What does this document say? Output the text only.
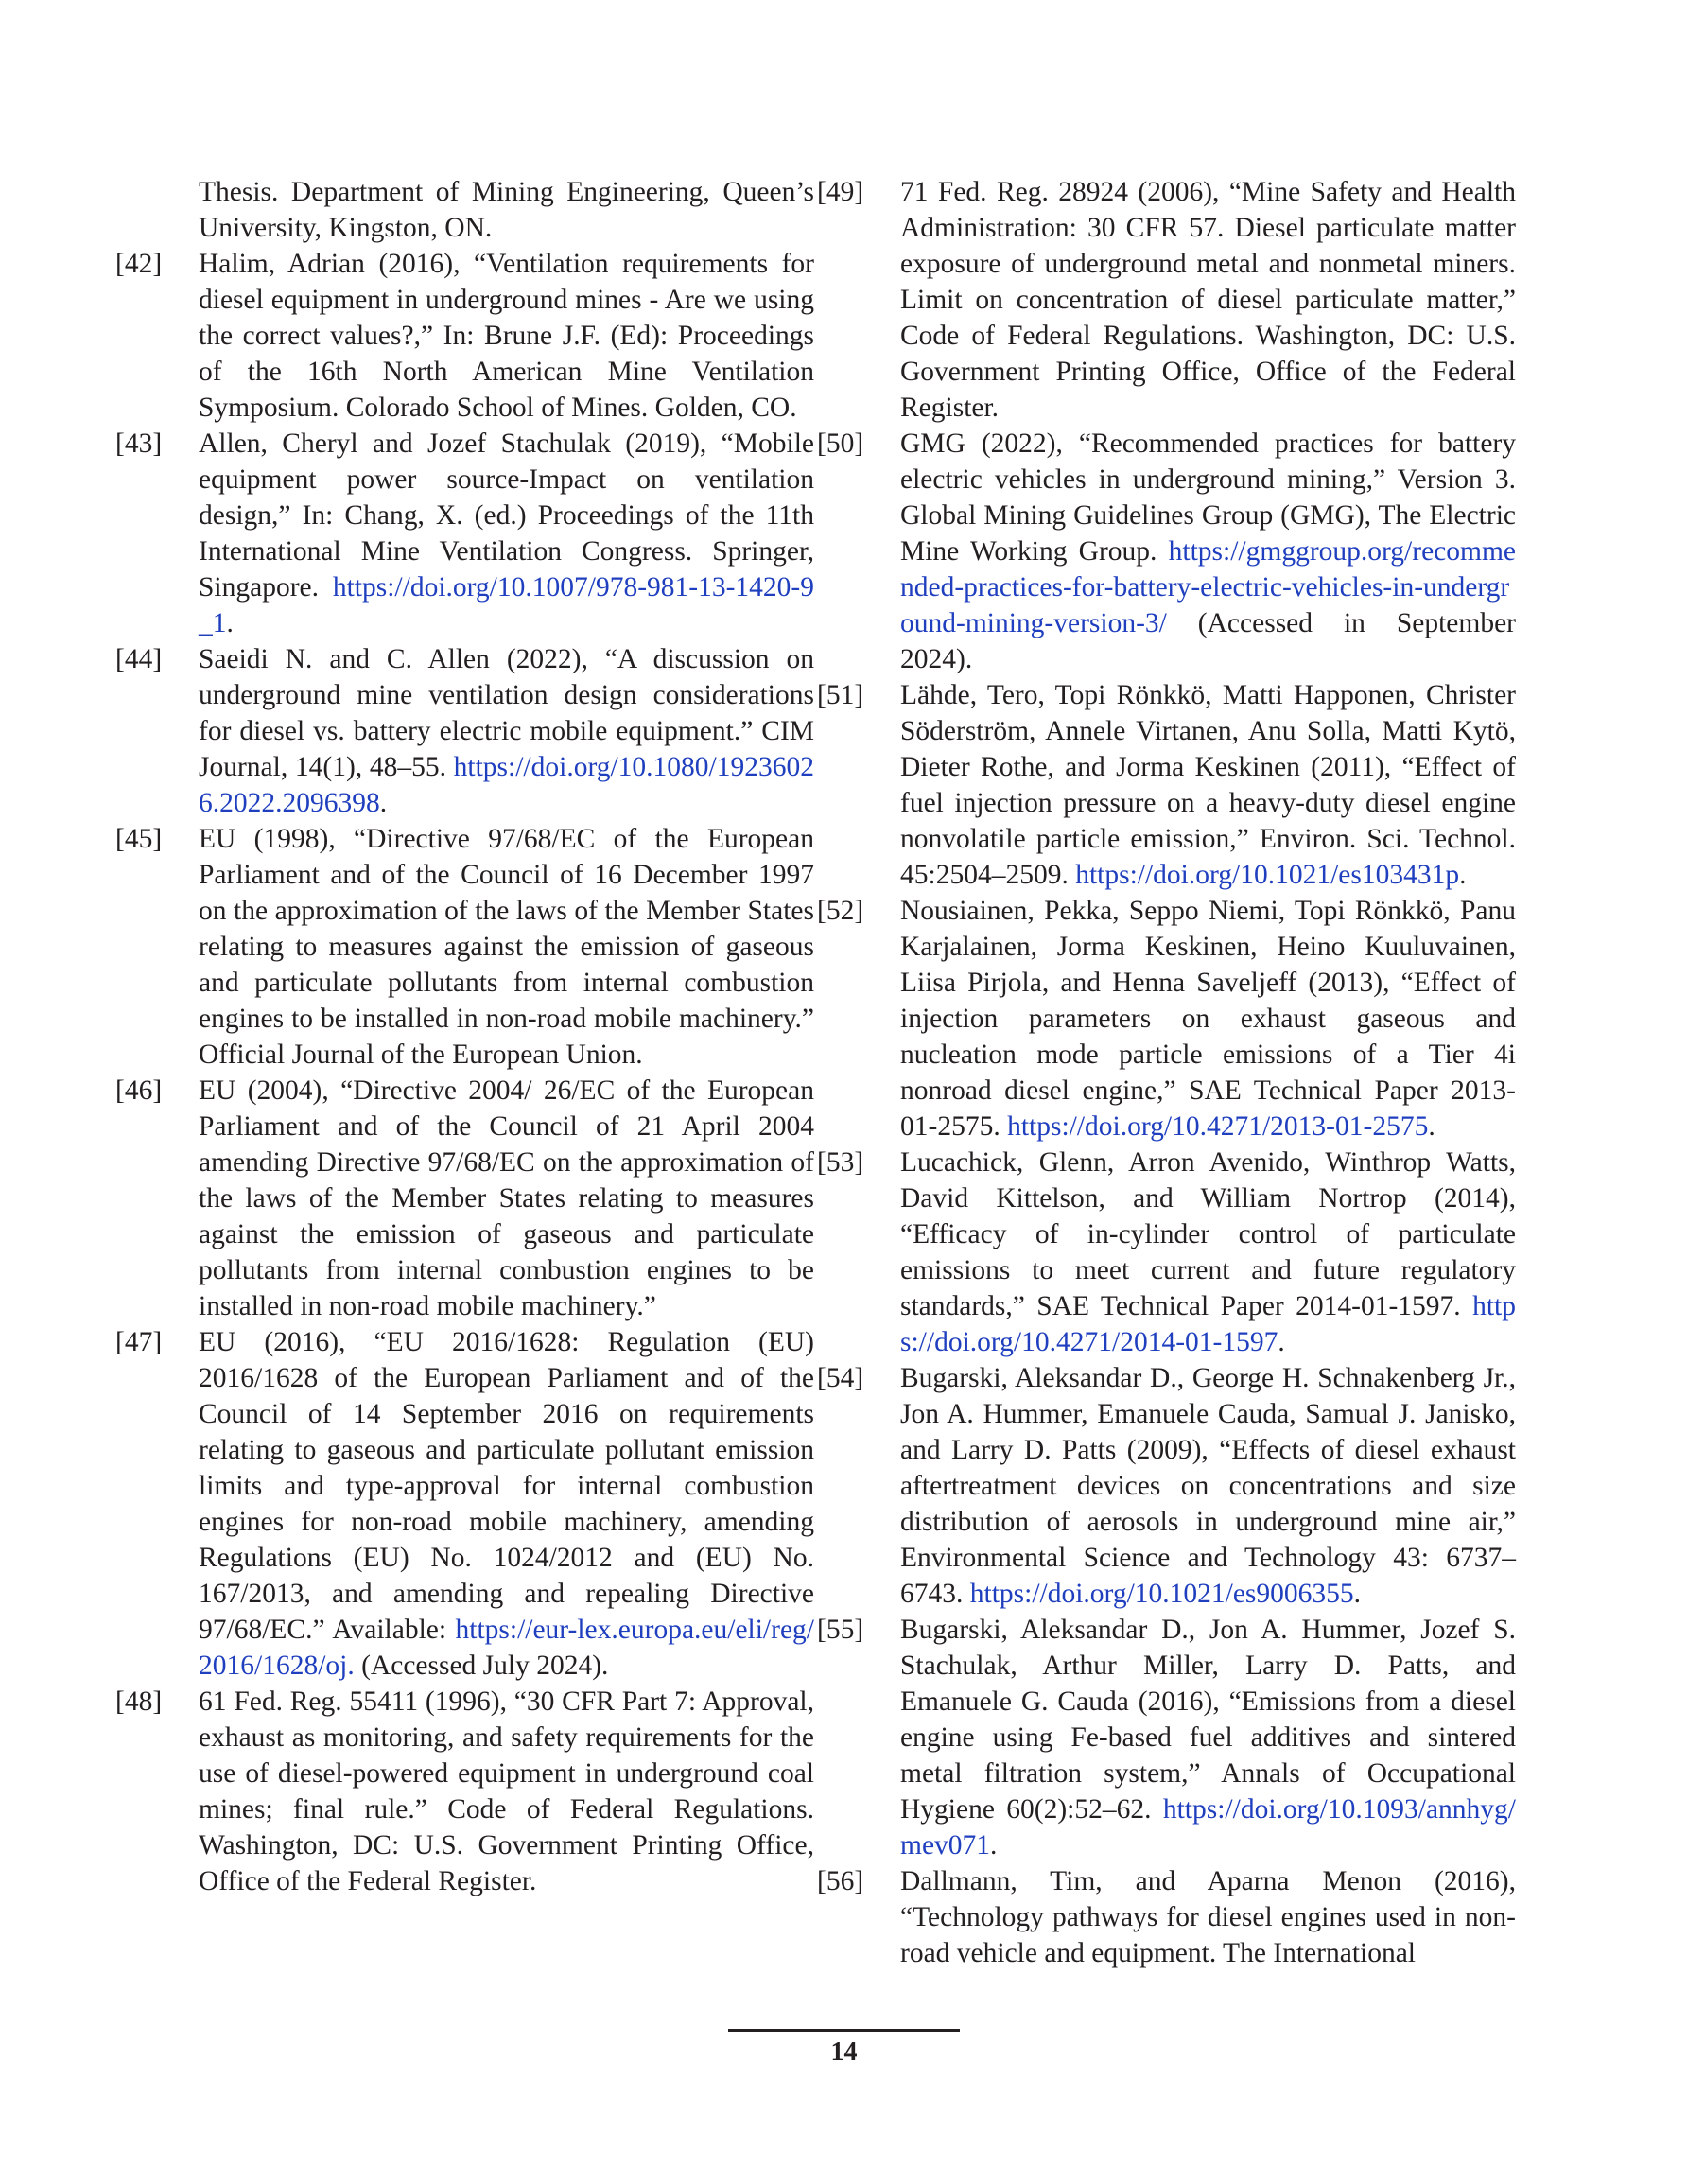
Thesis. Department of Mining Engineering, Queen’s University, Kingston, ON.
[42]	Halim, Adrian (2016), “Ventilation requirements for diesel equipment in underground mines - Are we using the correct values?,” In: Brune J.F. (Ed): Proceedings of the 16th North American Mine Ventilation Symposium. Colorado School of Mines. Golden, CO.
[43]	Allen, Cheryl and Jozef Stachulak (2019), “Mobile equipment power source-Impact on ventilation design,” In: Chang, X. (ed.) Proceedings of the 11th International Mine Ventilation Congress. Springer, Singapore. https://doi.org/10.1007/978-981-13-1420-9_1.
[44]	Saeidi N. and C. Allen (2022), “A discussion on underground mine ventilation design considerations for diesel vs. battery electric mobile equipment.” CIM Journal, 14(1), 48–55. https://doi.org/10.1080/19236026.2022.2096398.
[45]	EU (1998), “Directive 97/68/EC of the European Parliament and of the Council of 16 December 1997 on the approximation of the laws of the Member States relating to measures against the emission of gaseous and particulate pollutants from internal combustion engines to be installed in non-road mobile machinery.” Official Journal of the European Union.
[46]	EU (2004), “Directive 2004/ 26/EC of the European Parliament and of the Council of 21 April 2004 amending Directive 97/68/EC on the approximation of the laws of the Member States relating to measures against the emission of gaseous and particulate pollutants from internal combustion engines to be installed in non-road mobile machinery.”
[47]	EU (2016), “EU 2016/1628: Regulation (EU) 2016/1628 of the European Parliament and of the Council of 14 September 2016 on requirements relating to gaseous and particulate pollutant emission limits and type-approval for internal combustion engines for non-road mobile machinery, amending Regulations (EU) No. 1024/2012 and (EU) No. 167/2013, and amending and repealing Directive 97/68/EC.” Available: https://eur-lex.europa.eu/eli/reg/2016/1628/oj. (Accessed July 2024).
[48]	61 Fed. Reg. 55411 (1996), “30 CFR Part 7: Approval, exhaust as monitoring, and safety requirements for the use of diesel-powered equipment in underground coal mines; final rule.” Code of Federal Regulations. Washington, DC: U.S. Government Printing Office, Office of the Federal Register.
[49]	71 Fed. Reg. 28924 (2006), “Mine Safety and Health Administration: 30 CFR 57. Diesel particulate matter exposure of underground metal and nonmetal miners. Limit on concentration of diesel particulate matter,” Code of Federal Regulations. Washington, DC: U.S. Government Printing Office, Office of the Federal Register.
[50]	GMG (2022), “Recommended practices for battery electric vehicles in underground mining,” Version 3. Global Mining Guidelines Group (GMG), The Electric Mine Working Group. https://gmggroup.org/recommended-practices-for-battery-electric-vehicles-in-underground-mining-version-3/ (Accessed in September 2024).
[51]	Lähde, Tero, Topi Rönkkö, Matti Happonen, Christer Söderström, Annele Virtanen, Anu Solla, Matti Kytö, Dieter Rothe, and Jorma Keskinen (2011), “Effect of fuel injection pressure on a heavy-duty diesel engine nonvolatile particle emission,” Environ. Sci. Technol. 45:2504–2509. https://doi.org/10.1021/es103431p.
[52]	Nousiainen, Pekka, Seppo Niemi, Topi Rönkkö, Panu Karjalainen, Jorma Keskinen, Heino Kuuluvainen, Liisa Pirjola, and Henna Saveljeff (2013), “Effect of injection parameters on exhaust gaseous and nucleation mode particle emissions of a Tier 4i nonroad diesel engine,” SAE Technical Paper 2013-01-2575. https://doi.org/10.4271/2013-01-2575.
[53]	Lucachick, Glenn, Arron Avenido, Winthrop Watts, David Kittelson, and William Nortrop (2014), “Efficacy of in-cylinder control of particulate emissions to meet current and future regulatory standards,” SAE Technical Paper 2014-01-1597. https://doi.org/10.4271/2014-01-1597.
[54]	Bugarski, Aleksandar D., George H. Schnakenberg Jr., Jon A. Hummer, Emanuele Cauda, Samual J. Janisko, and Larry D. Patts (2009), “Effects of diesel exhaust aftertreatment devices on concentrations and size distribution of aerosols in underground mine air,” Environmental Science and Technology 43: 6737–6743. https://doi.org/10.1021/es9006355.
[55]	Bugarski, Aleksandar D., Jon A. Hummer, Jozef S. Stachulak, Arthur Miller, Larry D. Patts, and Emanuele G. Cauda (2016), “Emissions from a diesel engine using Fe-based fuel additives and sintered metal filtration system,” Annals of Occupational Hygiene 60(2):52–62. https://doi.org/10.1093/annhyg/mev071.
[56]	Dallmann, Tim, and Aparna Menon (2016), “Technology pathways for diesel engines used in non-road vehicle and equipment. The International
14
